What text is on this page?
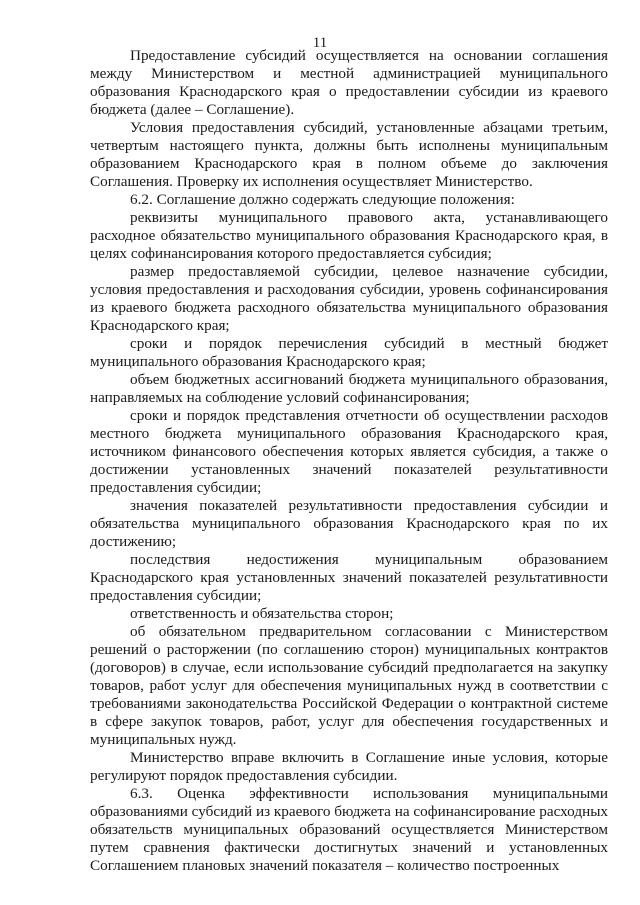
11

Предоставление субсидий осуществляется на основании соглашения между Министерством и местной администрацией муниципального образования Краснодарского края о предоставлении субсидии из краевого бюджета (далее – Соглашение).

Условия предоставления субсидий, установленные абзацами третьим, четвертым настоящего пункта, должны быть исполнены муниципальным образованием Краснодарского края в полном объеме до заключения Соглашения. Проверку их исполнения осуществляет Министерство.

6.2. Соглашение должно содержать следующие положения:

реквизиты муниципального правового акта, устанавливающего расходное обязательство муниципального образования Краснодарского края, в целях софинансирования которого предоставляется субсидия;

размер предоставляемой субсидии, целевое назначение субсидии, условия предоставления и расходования субсидии, уровень софинансирования из краевого бюджета расходного обязательства муниципального образования Краснодарского края;

сроки и порядок перечисления субсидий в местный бюджет муниципального образования Краснодарского края;

объем бюджетных ассигнований бюджета муниципального образования, направляемых на соблюдение условий софинансирования;

сроки и порядок представления отчетности об осуществлении расходов местного бюджета муниципального образования Краснодарского края, источником финансового обеспечения которых является субсидия, а также о достижении установленных значений показателей результативности предоставления субсидии;

значения показателей результативности предоставления субсидии и обязательства муниципального образования Краснодарского края по их достижению;

последствия недостижения муниципальным образованием Краснодарского края установленных значений показателей результативности предоставления субсидии;

ответственность и обязательства сторон;

об обязательном предварительном согласовании с Министерством решений о расторжении (по соглашению сторон) муниципальных контрактов (договоров) в случае, если использование субсидий предполагается на закупку товаров, работ услуг для обеспечения муниципальных нужд в соответствии с требованиями законодательства Российской Федерации о контрактной системе в сфере закупок товаров, работ, услуг для обеспечения государственных и муниципальных нужд.

Министерство вправе включить в Соглашение иные условия, которые регулируют порядок предоставления субсидии.

6.3. Оценка эффективности использования муниципальными образованиями субсидий из краевого бюджета на софинансирование расходных обязательств муниципальных образований осуществляется Министерством путем сравнения фактически достигнутых значений и установленных Соглашением плановых значений показателя – количество построенных
